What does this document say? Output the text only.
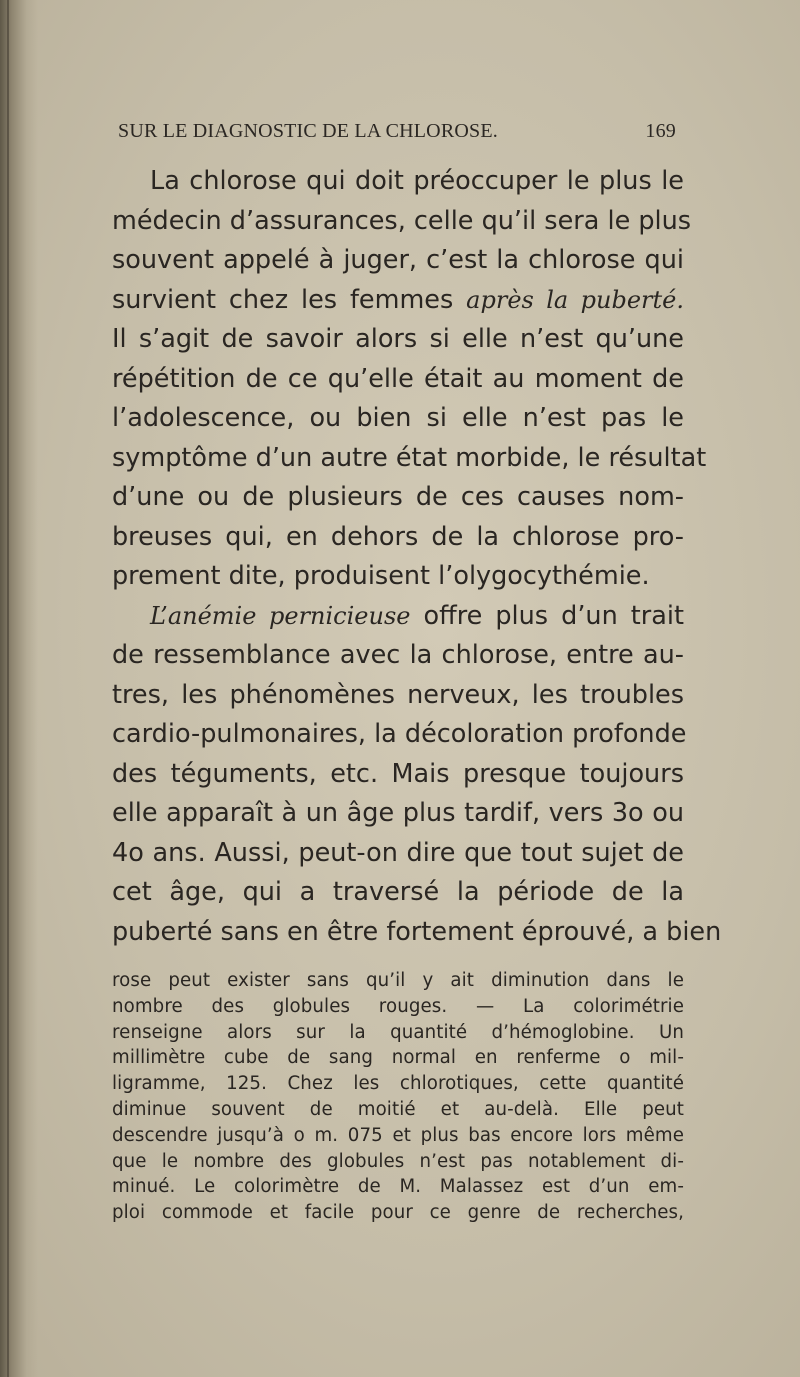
SUR LE DIAGNOSTIC DE LA CHLOROSE.	169
La chlorose qui doit préoccuper le plus le
médecin d’assurances, celle qu’il sera le plus
souvent appelé à juger, c’est la chlorose qui
survient chez les femmes après la puberté.
Il s’agit de savoir alors si elle n’est qu’une
répétition de ce qu’elle était au moment de
l’adolescence, ou bien si elle n’est pas le
symptôme d’un autre état morbide, le résultat
d’une ou de plusieurs de ces causes nom-
breuses qui, en dehors de la chlorose pro-
prement dite, produisent l’olygocythémie.
L’anémie pernicieuse offre plus d’un trait
de ressemblance avec la chlorose, entre au-
tres, les phénomènes nerveux, les troubles
cardio-pulmonaires, la décoloration profonde
des téguments, etc. Mais presque toujours
elle apparaît à un âge plus tardif, vers 3o ou
4o ans. Aussi, peut-on dire que tout sujet de
cet âge, qui a traversé la période de la
puberté sans en être fortement éprouvé, a bien
rose peut exister sans qu’il y ait diminution dans le
nombre des globules rouges. — La colorimétrie
renseigne alors sur la quantité d’hémoglobine. Un
millimètre cube de sang normal en renferme o mil-
ligramme, 125. Chez les chlorotiques, cette quantité
diminue souvent de moitié et au-delà. Elle peut
descendre jusqu’à o m. 075 et plus bas encore lors même
que le nombre des globules n’est pas notablement di-
minué. Le colorimètre de M. Malassez est d’un em-
ploi commode et facile pour ce genre de recherches,
